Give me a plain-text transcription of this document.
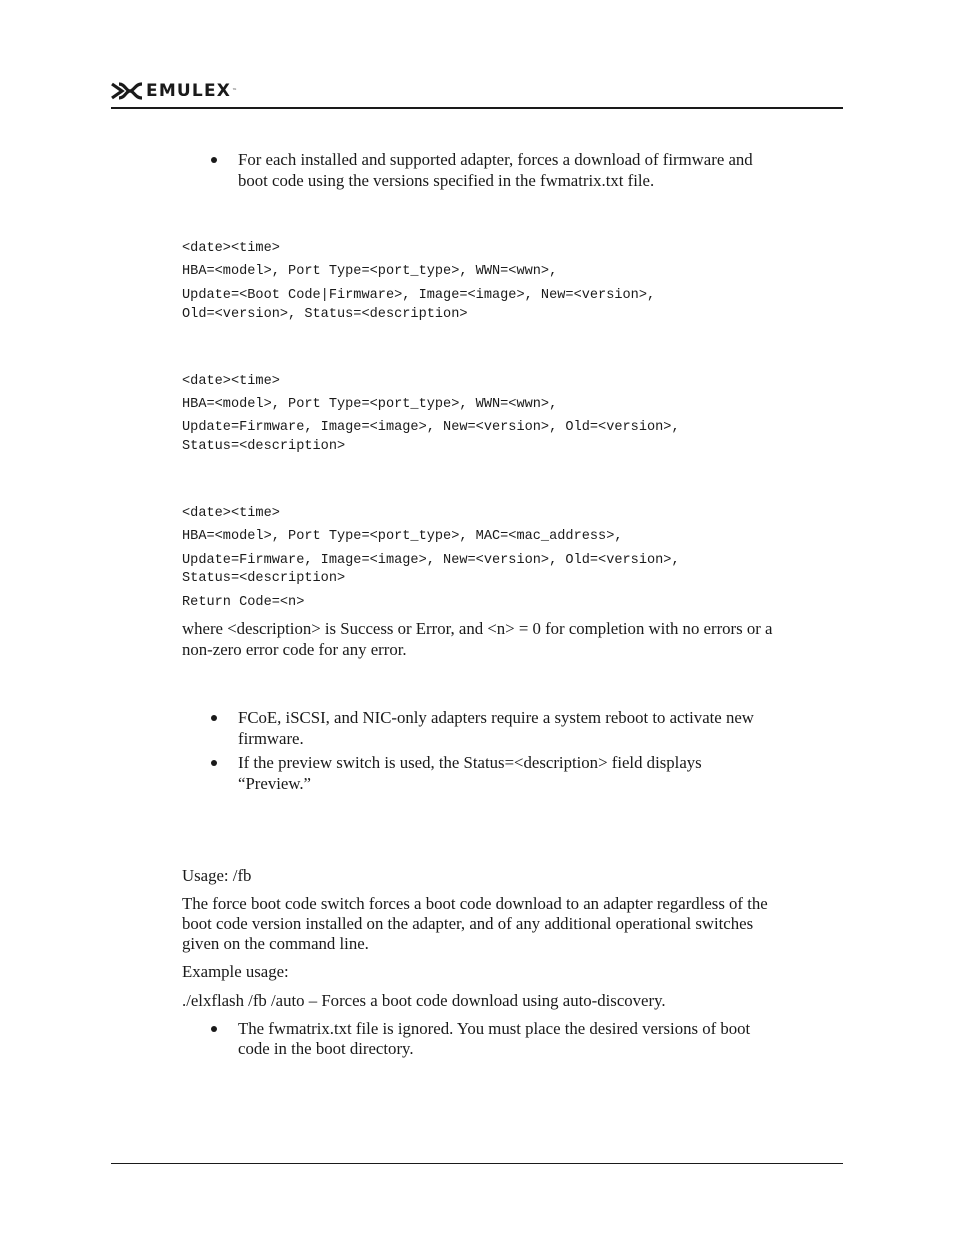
EMULEX ™
For each installed and supported adapter, forces a download of firmware and
boot code using the versions specified in the fwmatrix.txt file.
<date><time>
HBA=<model>, Port Type=<port_type>, WWN=<wwn>,
Update=<Boot Code|Firmware>, Image=<image>, New=<version>,
Old=<version>, Status=<description>
<date><time>
HBA=<model>, Port Type=<port_type>, WWN=<wwn>,
Update=Firmware, Image=<image>, New=<version>, Old=<version>,
Status=<description>
<date><time>
HBA=<model>, Port Type=<port_type>, MAC=<mac_address>,
Update=Firmware, Image=<image>, New=<version>, Old=<version>,
Status=<description>
Return Code=<n>
where <description> is Success or Error, and <n> = 0 for completion with no errors or a
non-zero error code for any error.
FCoE, iSCSI, and NIC-only adapters require a system reboot to activate new
firmware.
If the preview switch is used, the Status=<description> field displays
“Preview.”
Usage: /fb
The force boot code switch forces a boot code download to an adapter regardless of the
boot code version installed on the adapter, and of any additional operational switches
given on the command line.
Example usage:
./elxflash /fb /auto – Forces a boot code download using auto-discovery.
The fwmatrix.txt file is ignored. You must place the desired versions of boot
code in the boot directory.
